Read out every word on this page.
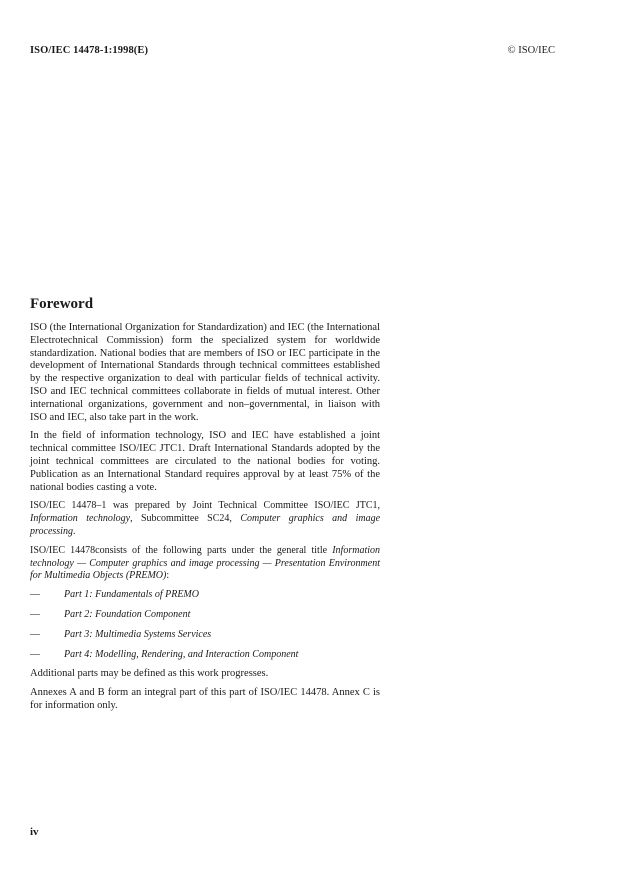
ISO/IEC 14478-1:1998(E)	© ISO/IEC
Foreword

ISO (the International Organization for Standardization) and IEC (the International Electrotechnical Commission) form the specialized system for worldwide standardization. National bodies that are members of ISO or IEC participate in the development of International Standards through technical committees established by the respective organization to deal with particular fields of technical activity. ISO and IEC technical committees collaborate in fields of mutual interest. Other international organizations, government and non–governmental, in liaison with ISO and IEC, also take part in the work.

In the field of information technology, ISO and IEC have established a joint technical committee ISO/IEC JTC1. Draft International Standards adopted by the joint technical committees are circulated to the national bodies for voting. Publication as an International Standard requires approval by at least 75% of the national bodies casting a vote.

ISO/IEC 14478–1 was prepared by Joint Technical Committee ISO/IEC JTC1, Information technology, Subcommittee SC24, Computer graphics and image processing.

ISO/IEC 14478consists of the following parts under the general title Information technology — Computer graphics and image processing — Presentation Environment for Multimedia Objects (PREMO):

—	Part 1: Fundamentals of PREMO
—	Part 2: Foundation Component
—	Part 3: Multimedia Systems Services
—	Part 4: Modelling, Rendering, and Interaction Component

Additional parts may be defined as this work progresses.

Annexes A and B form an integral part of this part of ISO/IEC 14478. Annex C is for information only.

iv
